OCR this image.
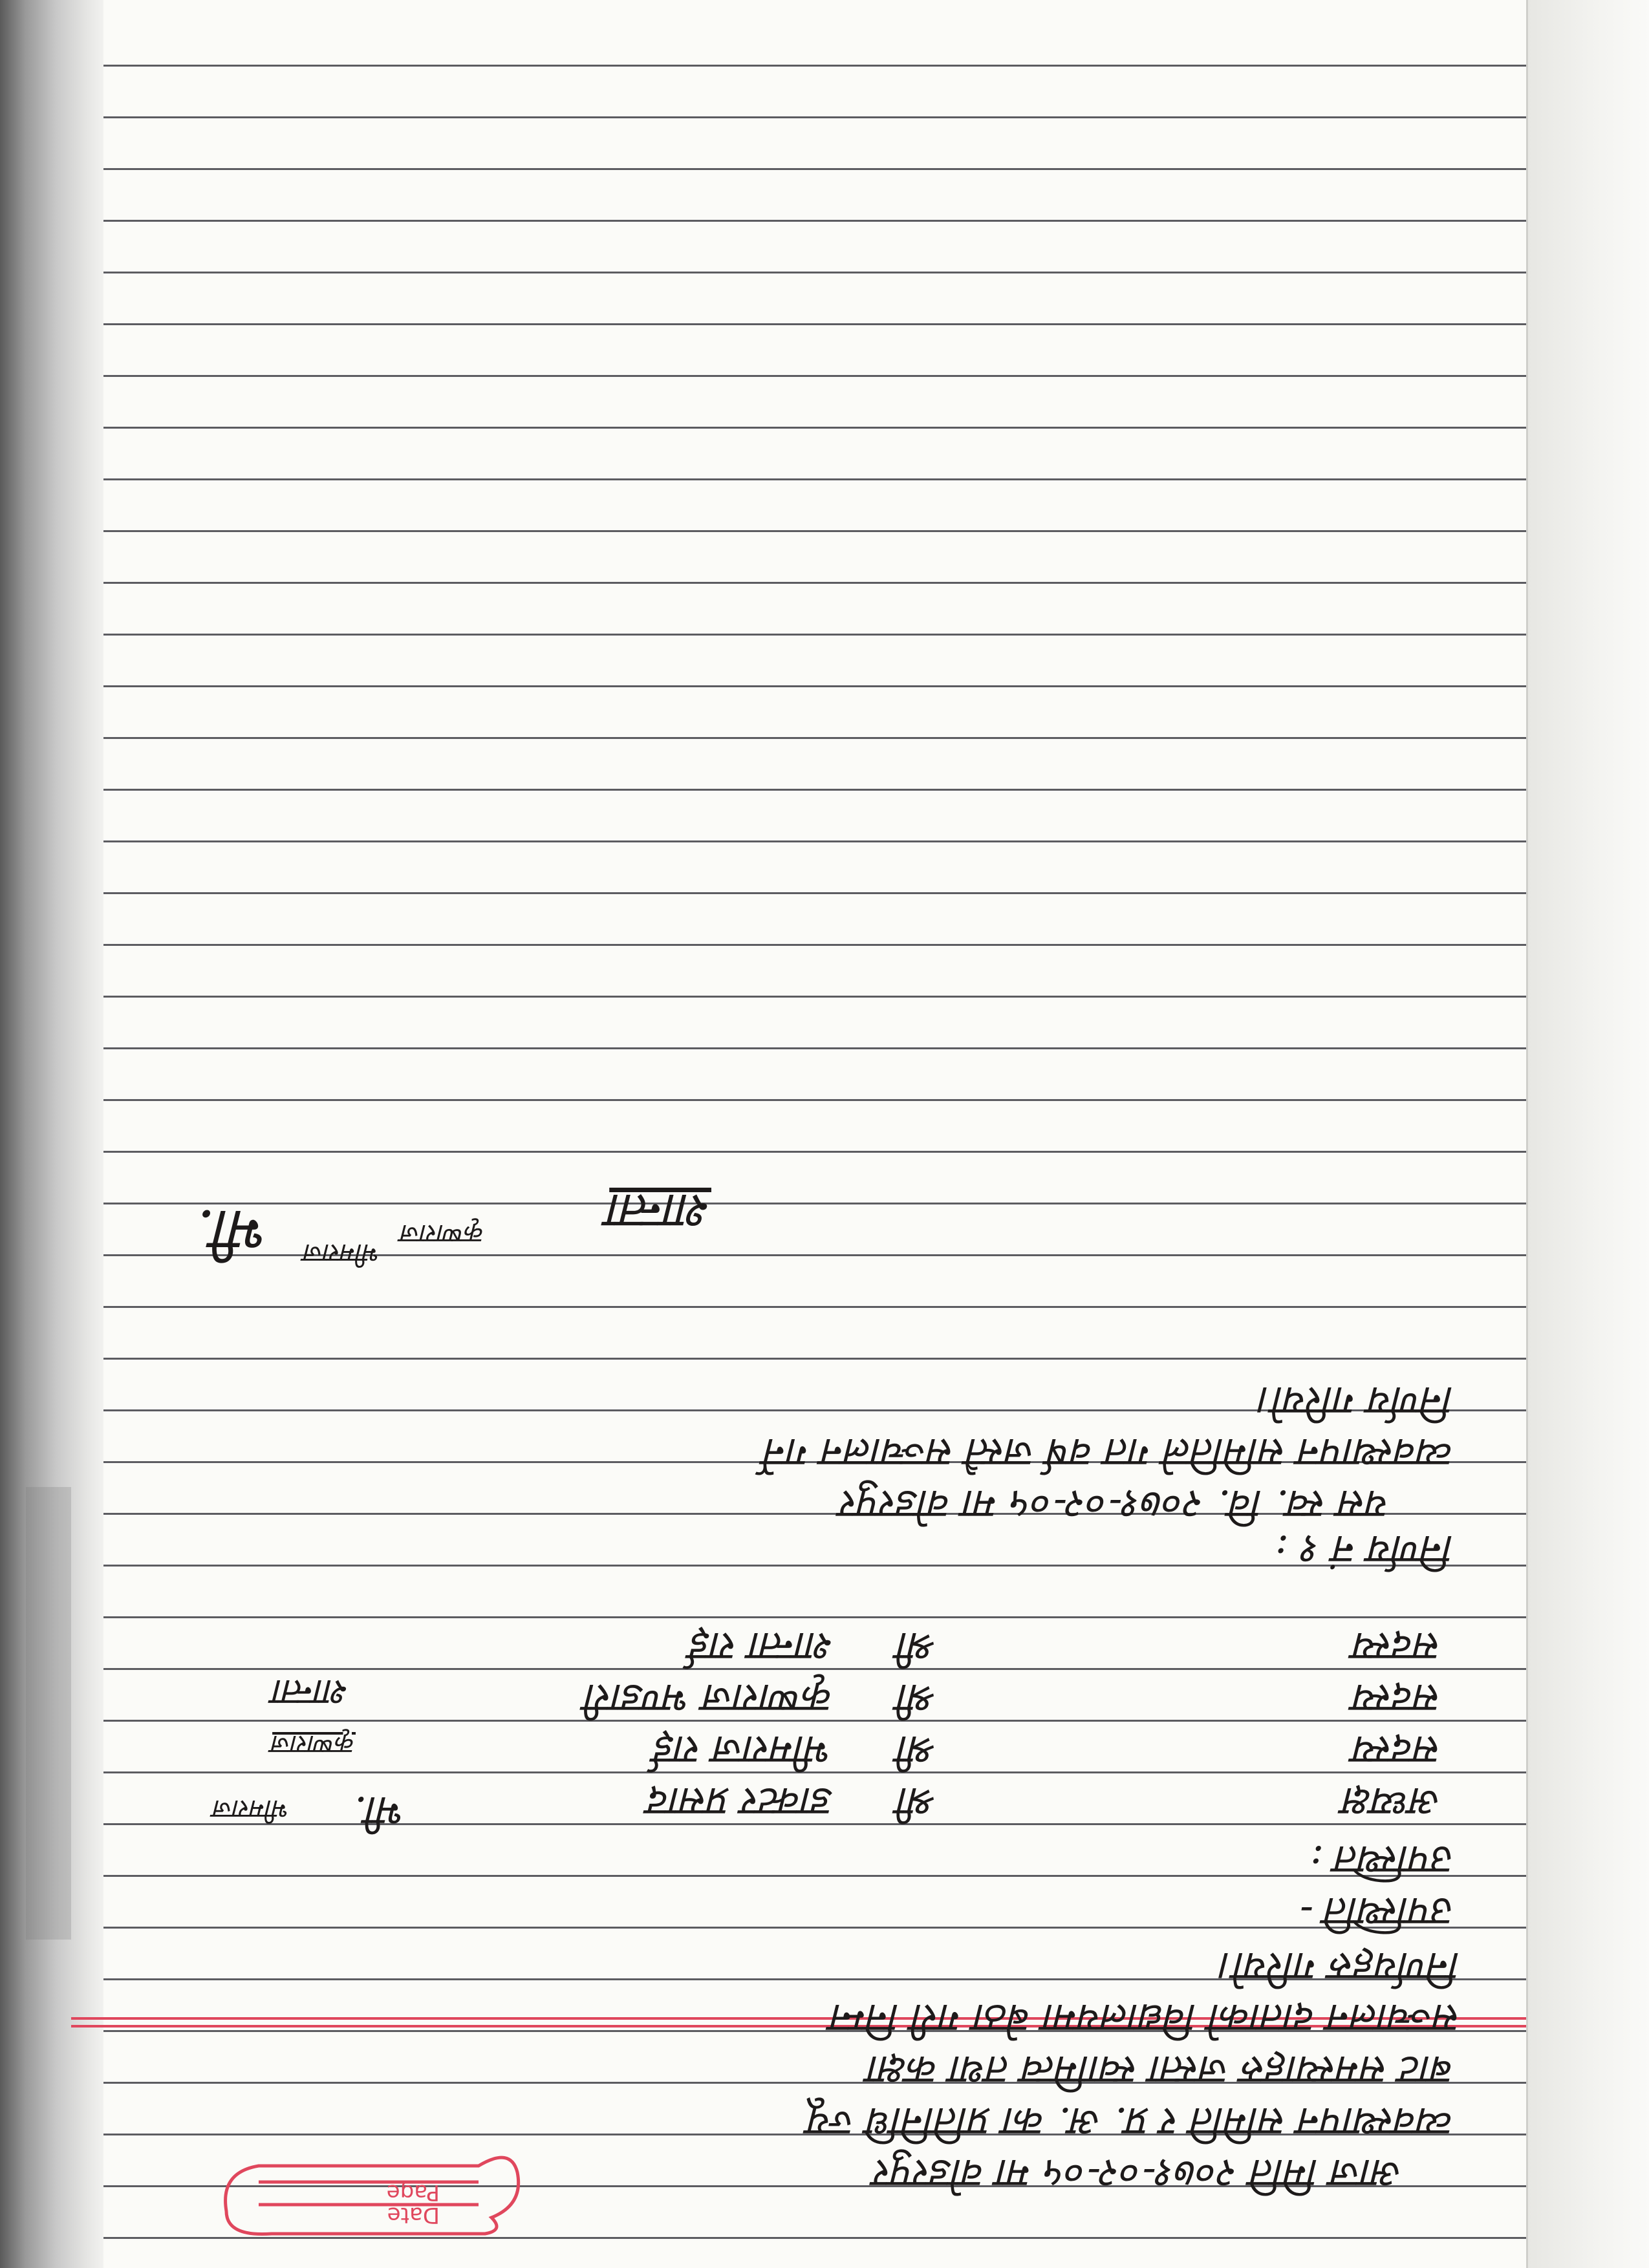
Date
Page	आज मिति २०७१-०२-०५ मा वोडरपुर
व्यवस्थापन समिति र प्र. अ. का प्रतिनिधि ज्यू
बाट समस्याहरु जस्ता स्वामित्व तथा कक्षा
सञ्चालन दाताको विद्यालयमा बेठा गरी निम्न
निर्णयहरु गरियो।
उपस्थिति -
उपस्थित :
अध्यक्ष
श्री
डाक्टर प्रसाद
सदस्य
श्री
भीमराज राई
सदस्य
श्री
कृष्णराज भण्डारी
सदस्य
श्री
शान्ता राई
भी.
भीमराज
कृष्णराज
शान्ता
निर्णय नं १ :
यस स्व. वि. २०७१-०२-०५ मा वोडरपुर
व्यवस्थापन समितिले गत वर्ष जस्तै सञ्चालन गर्ने
निर्णय गरियो।
शान्ता
कृष्णराज
भीमराज
भी.
